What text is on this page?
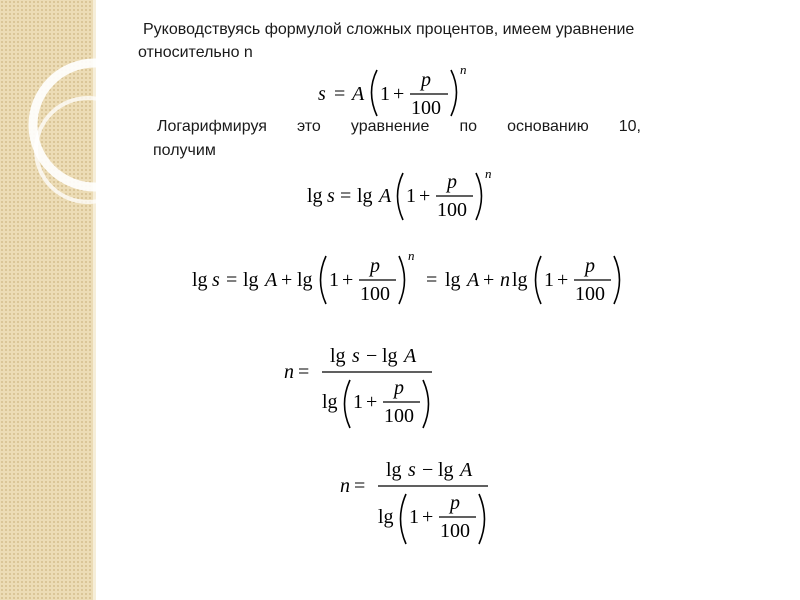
Руководствуясь формулой сложных процентов, имеем уравнение
относительно n

s = A 1 +
p
100
n

Логарифмируя это уравнение по основанию 10,
получим

lg s = lg A 1 +
p
100
n
lg s = lg A + lg 1 +
p
100
n
= lg A + n lg 1 +
p
100
n =
lg s − lg A
lg 1 +
p
100
n =
lg s − lg A
lg 1 +
p
100
